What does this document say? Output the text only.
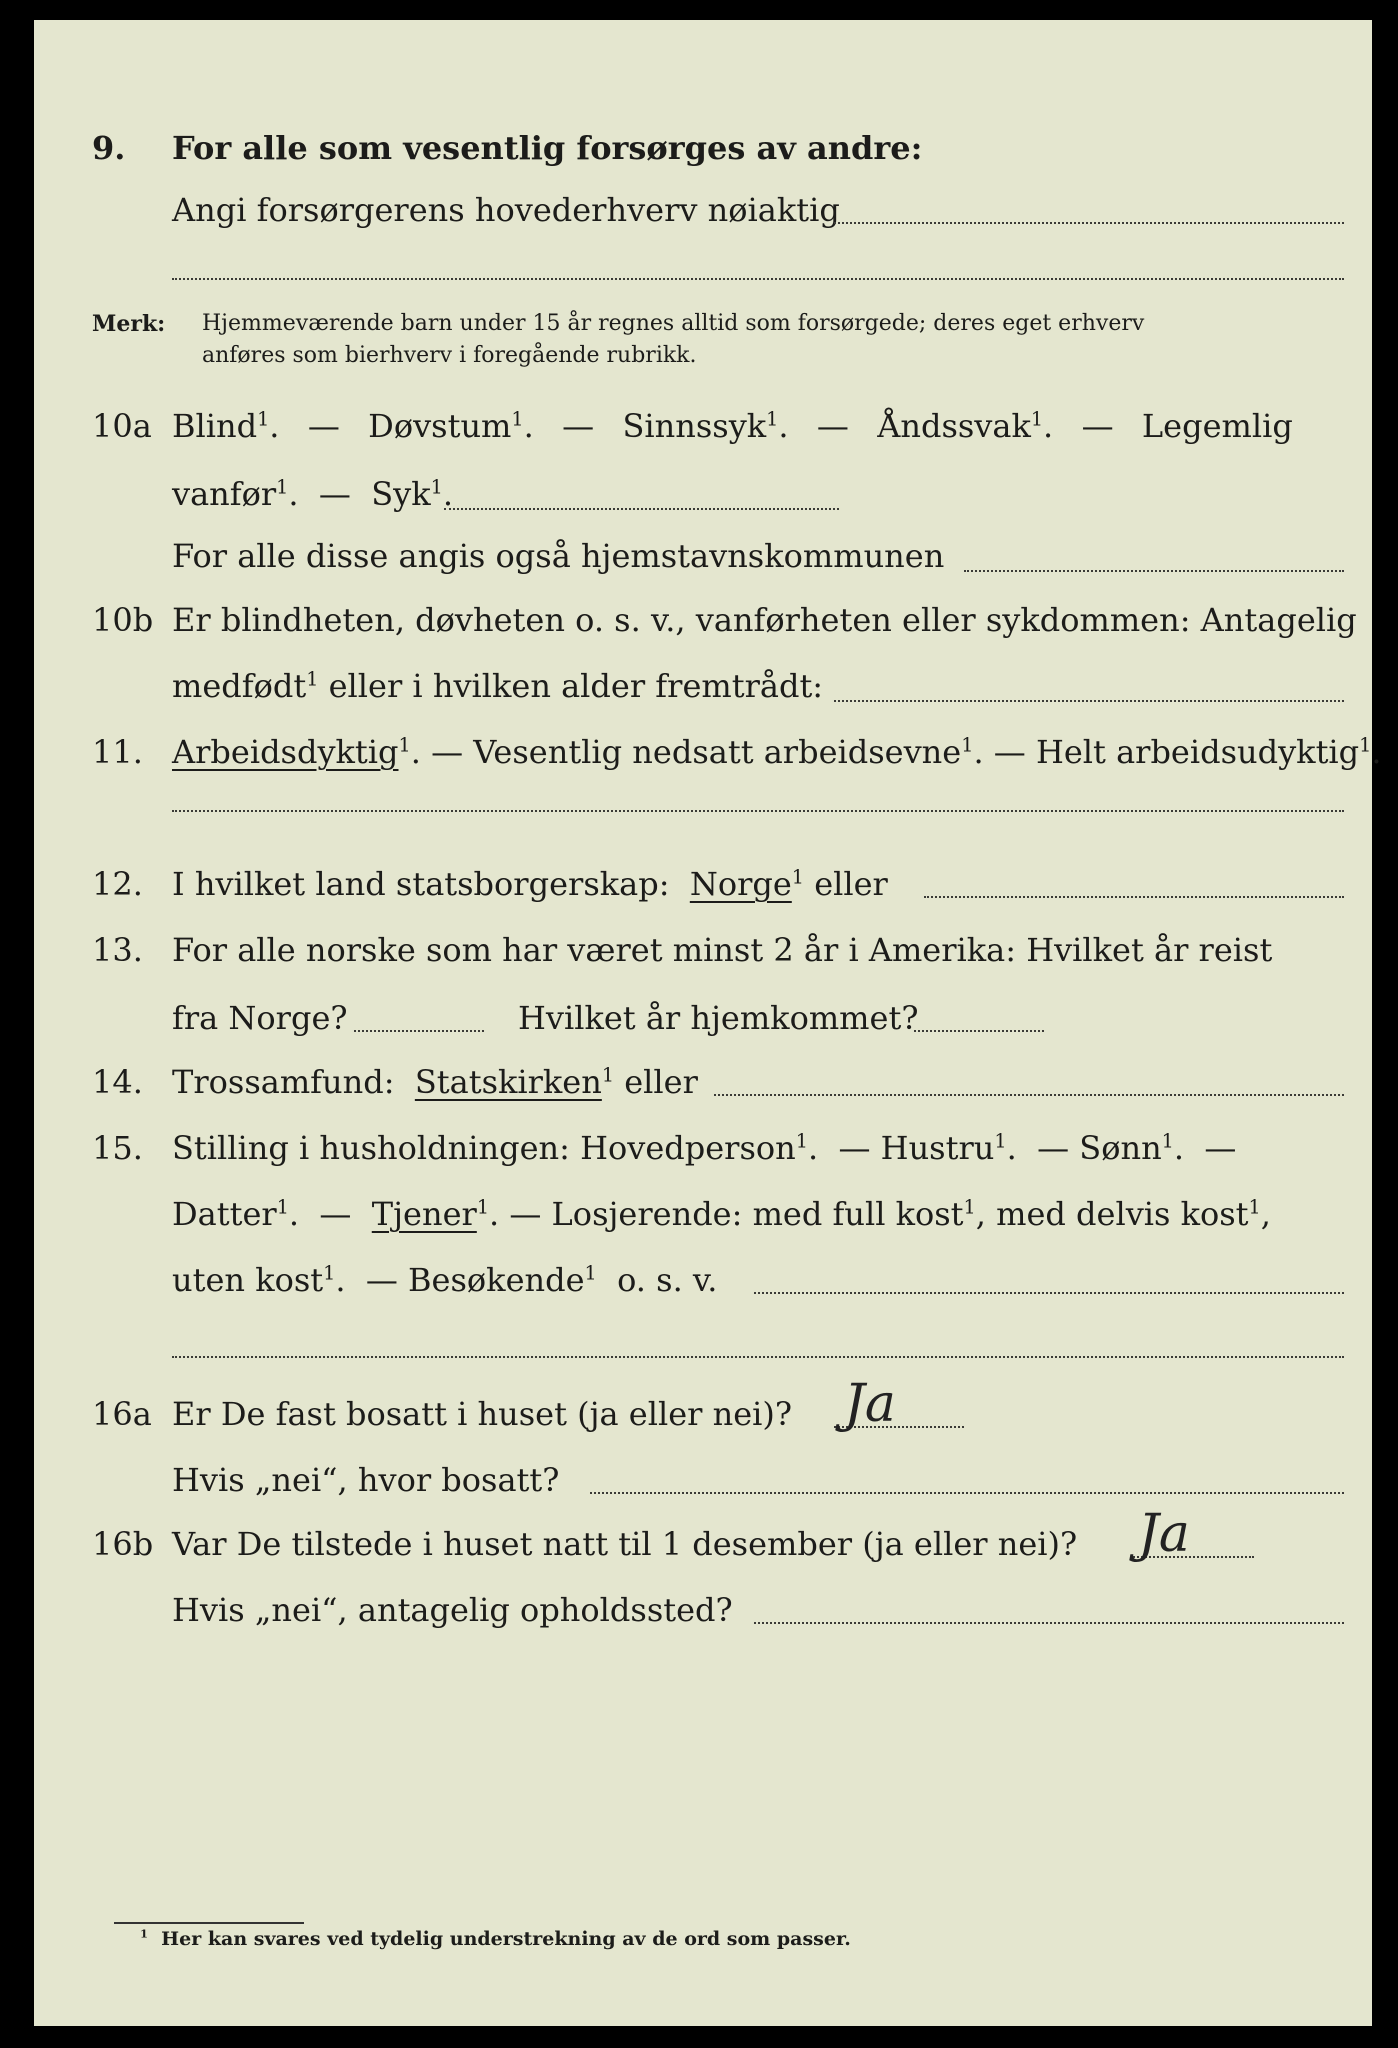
9. For alle som vesentlig forsørges av andre:
Angi forsørgerens hovederhverv nøiaktig
Merk: Hjemmeværende barn under 15 år regnes alltid som forsørgede; deres eget erhverv
anføres som bierhverv i foregående rubrikk.
10a Blind$^1$.  —  Døvstum$^1$.  —  Sinnssyk$^1$.  —  Åndssvak$^1$.  —  Legemlig
vanfør$^1$.  —  Syk$^1$.
For alle disse angis også hjemstavnskommunen
10b Er blindheten, døvheten o. s. v., vanførheten eller sykdommen: Antagelig
medfødt$^1$ eller i hvilken alder fremtrådt:
11. Arbeidsdyktig$^1$. — Vesentlig nedsatt arbeidsevne$^1$. — Helt arbeidsudyktig$^1$.
12. I hvilket land statsborgerskap: Norge$^1$ eller
13. For alle norske som har været minst 2 år i Amerika: Hvilket år reist
fra Norge?	Hvilket år hjemkommet?
14. Trossamfund: Statskirken$^1$ eller
15. Stilling i husholdningen: Hovedperson$^1$.  — Hustru$^1$.  — Sønn$^1$.  —
Datter$^1$.  —  Tjener$^1$. — Losjerende: med full kost$^1$, med delvis kost$^1$,
uten kost$^1$.  — Besøkende$^1$ o. s. v.
16a Er De fast bosatt i huset (ja eller nei)? Ja
Hvis „nei“, hvor bosatt?
16b Var De tilstede i huset natt til 1 desember (ja eller nei)? Ja
Hvis „nei“, antagelig opholdssted?
$^1$ Her kan svares ved tydelig understrekning av de ord som passer.
